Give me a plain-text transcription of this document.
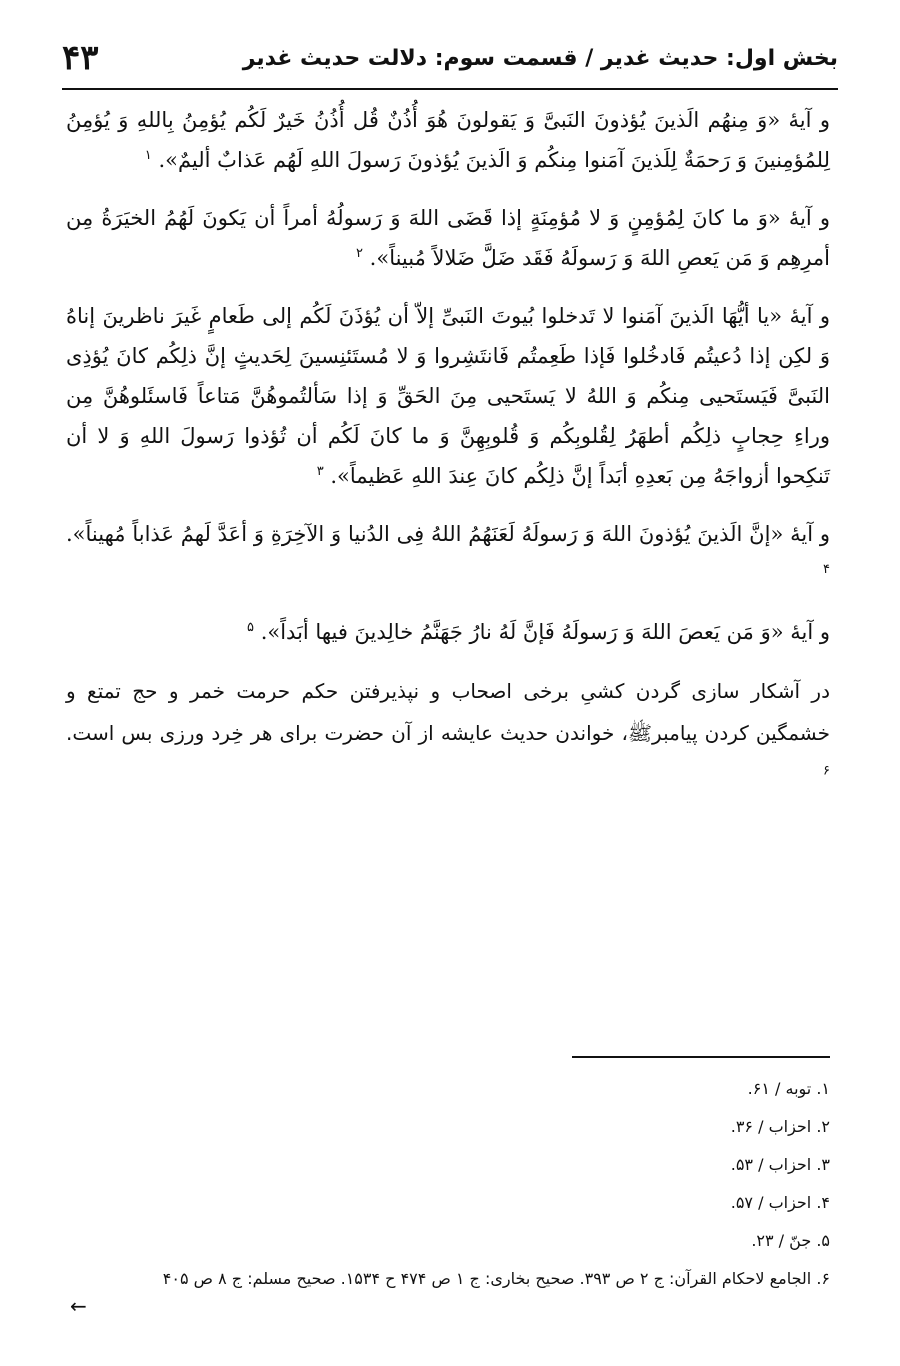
بخش اول: حدیث غدیر / قسمت سوم: دلالت حدیث غدیر
۴۳

و آیهٔ «وَ مِنهُم الَذینَ یُؤذونَ النَبیَّ وَ یَقولونَ هُوَ أُذُنٌ قُل أُذُنُ خَیرٌ لَکُم یُؤمِنُ بِاللهِ وَ یُؤمِنُ لِلمُؤمِنینَ وَ رَحمَةٌ لِلَذینَ آمَنوا مِنکُم وَ الَذینَ یُؤذونَ رَسولَ اللهِ لَهُم عَذابٌ ألیمٌ». $^۱$

و آیهٔ «وَ ما کانَ لِمُؤمِنٍ وَ لا مُؤمِنَةٍ إذا قَضَی اللهَ وَ رَسولُهُ أمراً أن یَکونَ لَهُمُ الخیَرَةُ مِن أمرِهِم وَ مَن یَعصِ اللهَ وَ رَسولَهُ فَقَد ضَلَّ ضَلالاً مُبیناً». $^۲$

و آیهٔ «یا أیُّهَا الَذینَ آمَنوا لا تَدخلوا بُیوتَ النَبیِّ إلاّ أن یُؤذَنَ لَکُم إلی طَعامٍ غَیرَ ناظرینَ إناهُ وَ لکِن إذا دُعیتُم فَادخُلوا فَإذا طَعِمتُم فَانتَشِروا وَ لا مُستَئنِسینَ لِحَدیثٍ إنَّ ذلِکُم کانَ یُؤذِی النَبیَّ فَیَستَحیی مِنکُم وَ اللهُ لا یَستَحیی مِنَ الحَقِّ وَ إذا سَألتُموهُنَّ مَتاعاً فَاسئَلوهُنَّ مِن وراءِ حِجابٍ ذلِکُم أطهَرُ لِقُلوبِکُم وَ قُلوبِهِنَّ وَ ما کانَ لَکُم أن تُؤذوا رَسولَ اللهِ وَ لا أن تَنکِحوا أزواجَهُ مِن بَعدِهِ أبَداً إنَّ ذلِکُم کانَ عِندَ اللهِ عَظیماً». $^۳$

و آیهٔ «إنَّ الَذینَ یُؤذونَ اللهَ وَ رَسولَهُ لَعَنَهُمُ اللهُ فِی الدُنیا وَ الآخِرَةِ وَ أعَدَّ لَهمُ عَذاباً مُهیناً». $^۴$

و آیهٔ «وَ مَن یَعصَ اللهَ وَ رَسولَهُ فَإنَّ لَهُ نارُ جَهَنَّمُ خالِدینَ فیها أبَداً». $^۵$

در آشکار سازی گردن کشیِ برخی اصحاب و نپذیرفتن حکم حرمت خمر و حج تمتع و خشمگین کردن پیامبرﷺ، خواندن حدیث عایشه از آن حضرت برای هر خِرد ورزی بس است. $^۶$

۱. توبه / ۶۱.

۲. احزاب / ۳۶.

۳. احزاب / ۵۳.

۴. احزاب / ۵۷.

۵. جنّ / ۲۳.

۶. الجامع لاحکام القرآن: ج ۲ ص ۳۹۳. صحیح بخاری: ج ۱ ص ۴۷۴ ح ۱۵۳۴. صحیح مسلم: ج ۸ ص ۴۰۵

←
